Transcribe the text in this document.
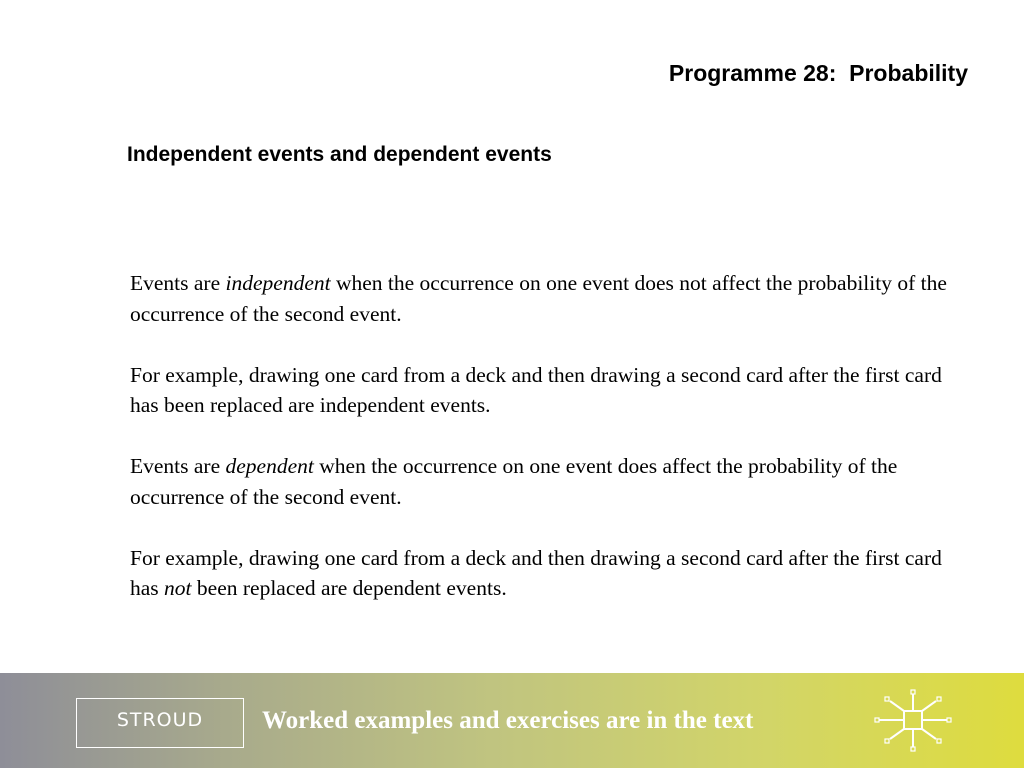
Programme 28:  Probability
Independent events and dependent events

Events are independent when the occurrence on one event does not affect the probability of the occurrence of the second event.

For example, drawing one card from a deck and then drawing a second card after the first card has been replaced are independent events.

Events are dependent when the occurrence on one event does affect the probability of the occurrence of the second event.

For example, drawing one card from a deck and then drawing a second card after the first card has not been replaced are dependent events.

STROUD Worked examples and exercises are in the text
